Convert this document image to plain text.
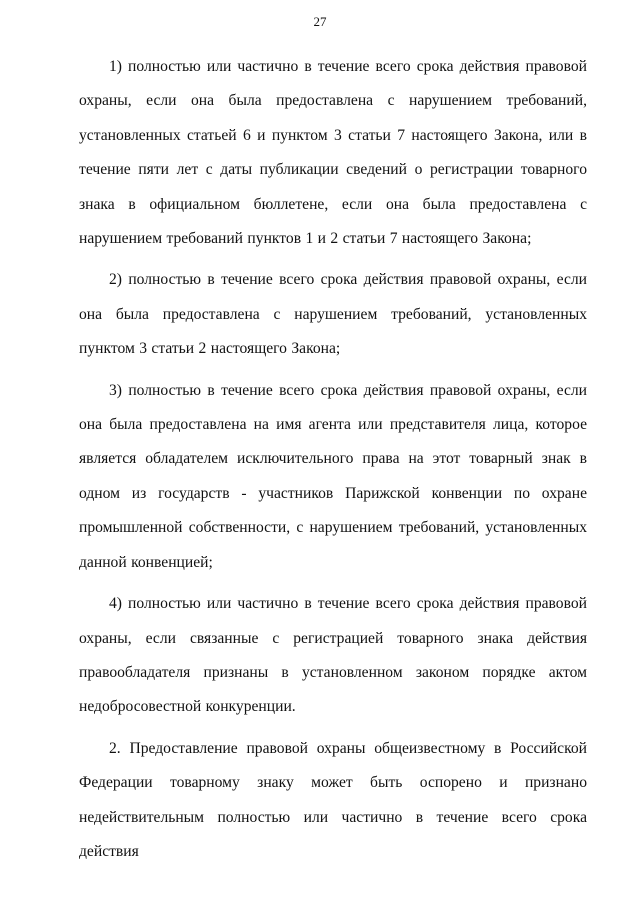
27

1) полностью или частично в течение всего срока действия правовой охраны, если она была предоставлена с нарушением требований, установленных статьей 6 и пунктом 3 статьи 7 настоящего Закона, или в течение пяти лет с даты публикации сведений о регистрации товарного знака в официальном бюллетене, если она была предоставлена с нарушением требований пунктов 1 и 2 статьи 7 настоящего Закона;

2) полностью в течение всего срока действия правовой охраны, если она была предоставлена с нарушением требований, установленных пунктом 3 статьи 2 настоящего Закона;

3) полностью в течение всего срока действия правовой охраны, если она была предоставлена на имя агента или представителя лица, которое является обладателем исключительного права на этот товарный знак в одном из государств - участников Парижской конвенции по охране промышленной собственности, с нарушением требований, установленных данной конвенцией;

4) полностью или частично в течение всего срока действия правовой охраны, если связанные с регистрацией товарного знака действия правообладателя признаны в установленном законом порядке актом недобросовестной конкуренции.

2. Предоставление правовой охраны общеизвестному в Российской Федерации товарному знаку может быть оспорено и признано недействительным полностью или частично в течение всего срока действия
